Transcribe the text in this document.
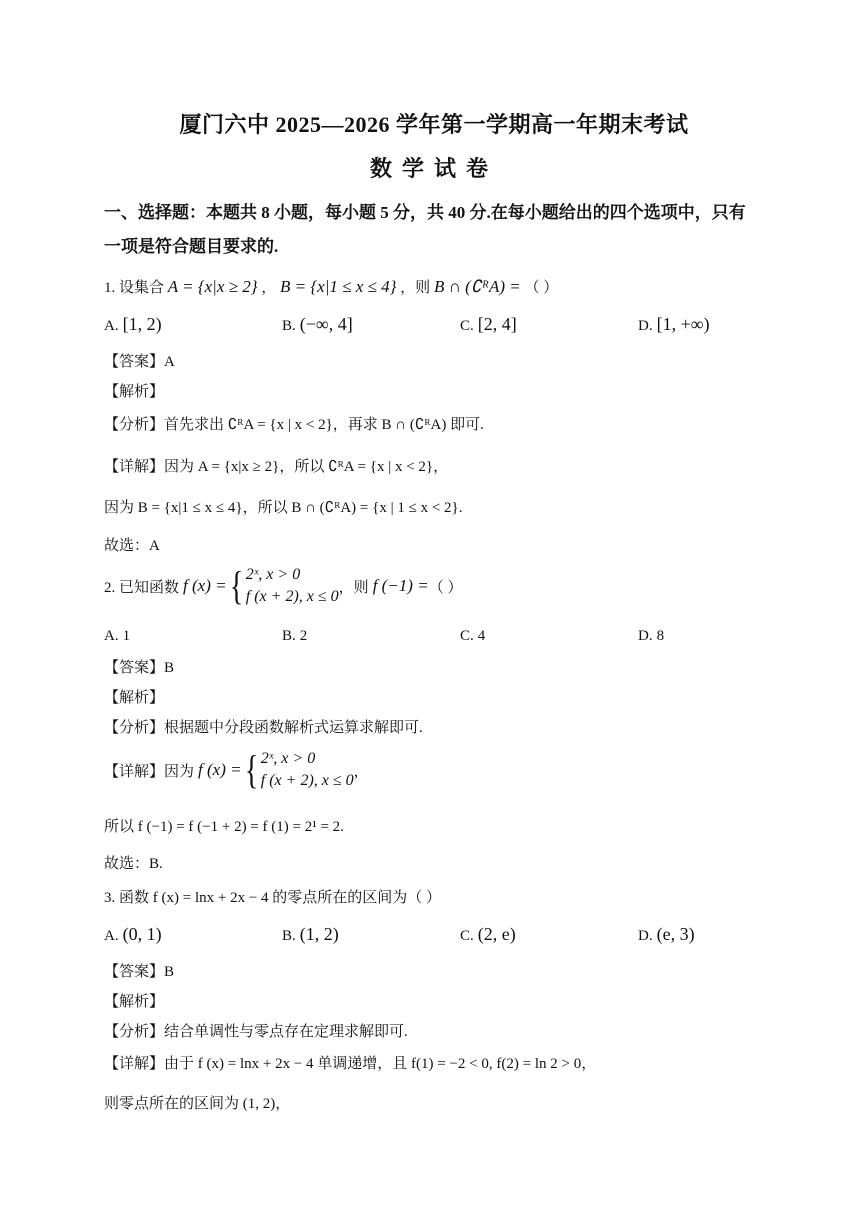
厦门六中 2025—2026 学年第一学期高一年期末考试
数学试卷
一、选择题：本题共 8 小题，每小题 5 分，共 40 分.在每小题给出的四个选项中，只有
一项是符合题目要求的.
1. 设集合 A = {x|x ≥ 2} ， B = {x|1 ≤ x ≤ 4} ，则 B ∩ (∁ᴿA) = （ ）
A. [1, 2)	B. (−∞, 4]	C. [2, 4]	D. [1, +∞)
【答案】A
【解析】
【分析】首先求出 ∁ᴿA = {x | x < 2}，再求 B ∩ (∁ᴿA) 即可.
【详解】因为 A = {x|x ≥ 2}，所以 ∁ᴿA = {x | x < 2}，
因为 B = {x|1 ≤ x ≤ 4}，所以 B ∩ (∁ᴿA) = {x | 1 ≤ x < 2}.
故选：A
2. 已知函数 f (x) = { 2ˣ, x > 0
f (x + 2), x ≤ 0
，则 f (−1) = （ ）
A. 1	B. 2	C. 4	D. 8
【答案】B
【解析】
【分析】根据题中分段函数解析式运算求解即可.
【详解】因为 f (x) = { 2ˣ, x > 0
f (x + 2), x ≤ 0
，
所以 f (−1) = f (−1 + 2) = f (1) = 2¹ = 2.
故选：B.
3. 函数 f (x) = lnx + 2x − 4 的零点所在的区间为（ ）
A. (0, 1)	B. (1, 2)	C. (2, e)	D. (e, 3)
【答案】B
【解析】
【分析】结合单调性与零点存在定理求解即可.
【详解】由于 f (x) = lnx + 2x − 4 单调递增，且 f(1) = −2 < 0, f(2) = ln 2 > 0，
则零点所在的区间为 (1, 2)，
